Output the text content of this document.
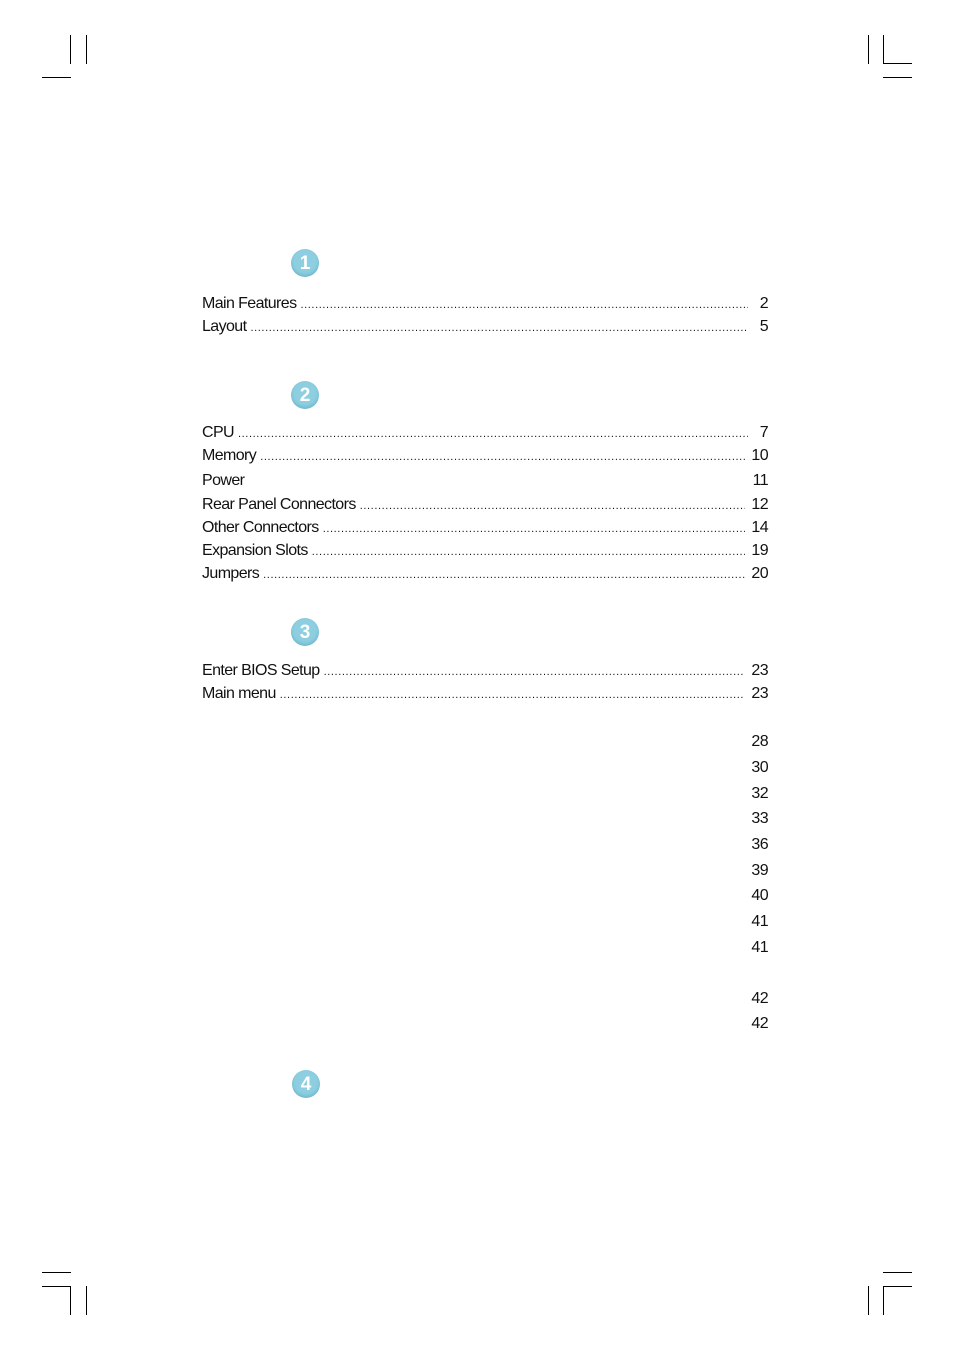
1
Main Features .....	2
Layout .....	5
2
CPU .....	7
Memory .....	10
Power	11
Rear Panel Connectors .....	12
Other Connectors .....	14
Expansion Slots .....	19
Jumpers .....	20
3
Enter BIOS Setup .....	23
Main menu .....	23
28
30
32
33
36
39
40
41
41
42
42
4
